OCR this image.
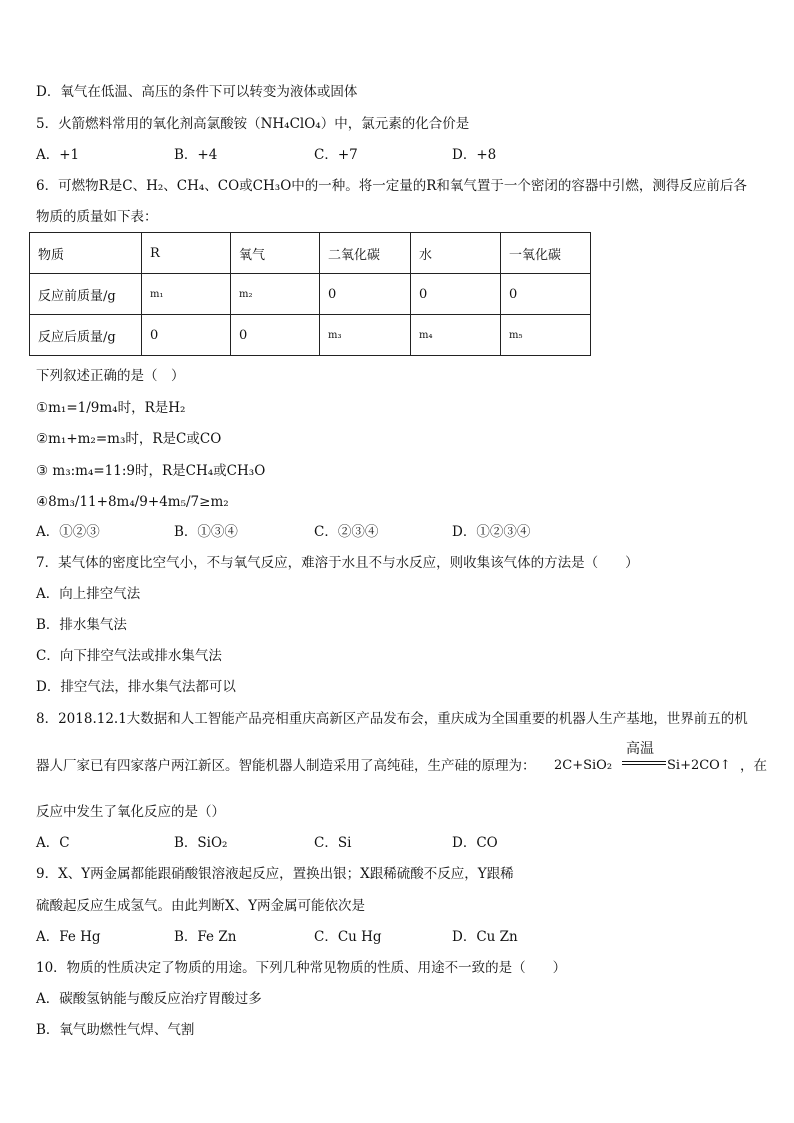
D．氧气在低温、高压的条件下可以转变为液体或固体
5．火箭燃料常用的氧化剂高氯酸铵（NH₄ClO₄）中，氯元素的化合价是
A．+1	B．+4	C．+7	D．+8
6．可燃物R是C、H₂、CH₄、CO或CH₃O中的一种。将一定量的R和氧气置于一个密闭的容器中引燃，测得反应前后各
物质的质量如下表：
物质	R	氧气	二氧化碳	水	一氧化碳
反应前质量/g	m₁	m₂	0	0	0
反应后质量/g	0	0	m₃	m₄	m₅
下列叙述正确的是（　）
①m₁=1/9m₄时，R是H₂
②m₁+m₂=m₃时，R是C或CO
③ m₃:m₄=11:9时，R是CH₄或CH₃O
④8m₃/11+8m₄/9+4m₅/7≥m₂
A．①②③	B．①③④	C．②③④	D．①②③④
7．某气体的密度比空气小，不与氧气反应，难溶于水且不与水反应，则收集该气体的方法是（　　）
A．向上排空气法
B．排水集气法
C．向下排空气法或排水集气法
D．排空气法，排水集气法都可以
8．2018.12.1大数据和人工智能产品亮相重庆高新区产品发布会，重庆成为全国重要的机器人生产基地，世界前五的机
器人厂家已有四家落户两江新区。智能机器人制造采用了高纯硅，生产硅的原理为： 2C+SiO₂
高温
Si+2CO↑ ，在
反应中发生了氧化反应的是（）
A．C	B．SiO₂	C．Si	D．CO
9．X、Y两金属都能跟硝酸银溶液起反应，置换出银；X跟稀硫酸不反应，Y跟稀
硫酸起反应生成氢气。由此判断X、Y两金属可能依次是
A．Fe Hg	B．Fe Zn	C．Cu Hg	D．Cu Zn
10．物质的性质决定了物质的用途。下列几种常见物质的性质、用途不一致的是（　　）
A．碳酸氢钠能与酸反应治疗胃酸过多
B．氧气助燃性气焊、气割
